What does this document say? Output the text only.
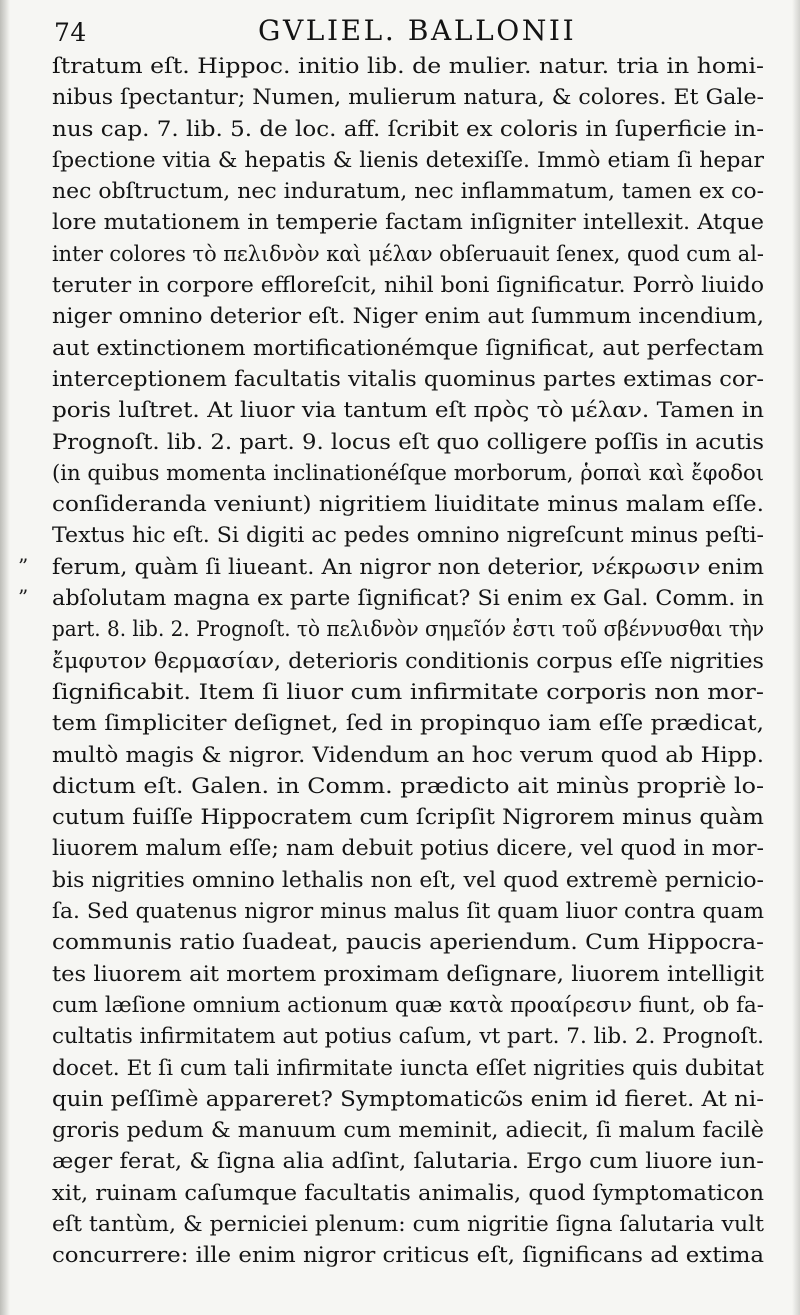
74	GVLIEL. BALLONII
ſtratum eſt. Hippoc. initio lib. de mulier. natur. tria in homi-
nibus ſpectantur; Numen, mulierum natura, & colores. Et Gale-
nus cap. 7. lib. 5. de loc. aff. ſcribit ex coloris in ſuperficie in-
ſpectione vitia & hepatis & lienis detexiſſe. Immò etiam ſi hepar
nec obſtructum, nec induratum, nec inflammatum, tamen ex co-
lore mutationem in temperie factam inſigniter intellexit. Atque
inter colores τὸ πελιδνὸν καὶ μέλαν obſeruauit ſenex, quod cum al-
teruter in corpore effloreſcit, nihil boni ſignificatur. Porrò liuido
niger omnino deterior eſt. Niger enim aut ſummum incendium,
aut extinctionem mortificationémque ſignificat, aut perfectam
interceptionem facultatis vitalis quominus partes extimas cor-
poris luſtret. At liuor via tantum eſt πρὸς τὸ μέλαν. Tamen in
Prognoſt. lib. 2. part. 9. locus eſt quo colligere poſſis in acutis
(in quibus momenta inclinationéſque morborum, ῥοπαὶ καὶ ἔφοδοι
conſideranda veniunt) nigritiem liuiditate minus malam eſſe.
Textus hic eſt. Si digiti ac pedes omnino nigreſcunt minus peſti-
” ferum, quàm ſi liueant. An nigror non deterior, νέκρωσιν enim
” abſolutam magna ex parte ſignificat? Si enim ex Gal. Comm. in
part. 8. lib. 2. Prognoſt. τὸ πελιδνὸν σημεῖόν ἐστι τοῦ σβέννυσθαι τὴν
ἔμφυτον θερμασίαν, deterioris conditionis corpus eſſe nigrities
ſignificabit. Item ſi liuor cum infirmitate corporis non mor-
tem ſimpliciter deſignet, ſed in propinquo iam eſſe prædicat,
multò magis & nigror. Videndum an hoc verum quod ab Hipp.
dictum eſt. Galen. in Comm. prædicto ait minùs propriè lo-
cutum fuiſſe Hippocratem cum ſcripſit Nigrorem minus quàm
liuorem malum eſſe; nam debuit potius dicere, vel quod in mor-
bis nigrities omnino lethalis non eſt, vel quod extremè pernicio-
ſa. Sed quatenus nigror minus malus ſit quam liuor contra quam
communis ratio ſuadeat, paucis aperiendum. Cum Hippocra-
tes liuorem ait mortem proximam deſignare, liuorem intelligit
cum læſione omnium actionum quæ κατὰ προαίρεσιν fiunt, ob fa-
cultatis infirmitatem aut potius caſum, vt part. 7. lib. 2. Prognoſt.
docet. Et ſi cum tali infirmitate iuncta eſſet nigrities quis dubitat
quin peſſimè appareret? Symptomaticῶs enim id fieret. At ni-
groris pedum & manuum cum meminit, adiecit, ſi malum facilè
æger ferat, & ſigna alia adſint, ſalutaria. Ergo cum liuore iun-
xit, ruinam caſumque facultatis animalis, quod ſymptomaticon
eſt tantùm, & perniciei plenum: cum nigritie ſigna ſalutaria vult
concurrere: ille enim nigror criticus eſt, ſignificans ad extima
